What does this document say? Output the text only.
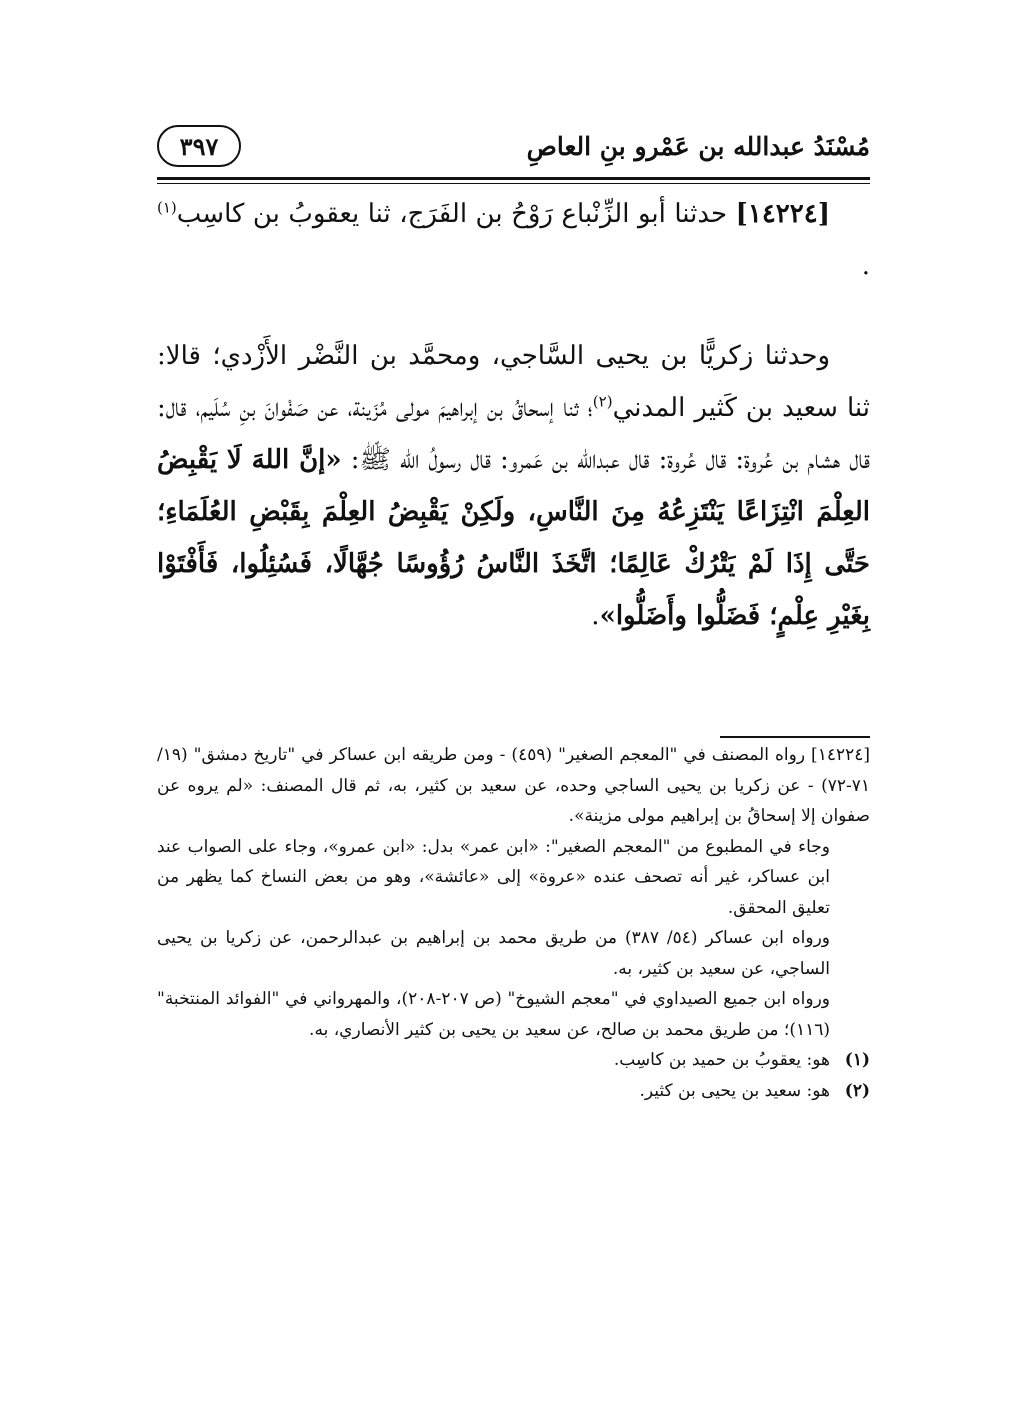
مُسْنَدُ عبدالله بن عَمْرو بنِ العاصِ
٣٩٧
[١٤٢٢٤] حدثنا أبو الزِّنْباع رَوْحُ بن الفَرَج، ثنا يعقوبُ بن كاسِب$^{(١)}$ .
وحدثنا زكريًّا بن يحيى السَّاجي، ومحمَّد بن النَّضْر الأَزْدي؛ قالا: ثنا سعيد بن كَثير المدني$^{(٢)}$؛ ثنا إسحاقُ بن إبراهيمَ مولى مُزَينة، عن صَفْوانَ بنِ سُلَيم، قال: قال هشام بن عُروة: قال عُروة: قال عبدالله بن عَمرو: قال رسولُ الله ﷺ: «إنَّ اللهَ لَا يَقْبِضُ العِلْمَ انْتِزَاعًا يَنْتَزِعُهُ مِنَ النَّاسِ، ولَكِنْ يَقْبِضُ العِلْمَ بِقَبْضِ العُلَمَاءِ؛ حَتَّى إِذَا لَمْ يَتْرُكْ عَالِمًا؛ اتَّخَذَ النَّاسُ رُؤُوسًا جُهَّالًا، فَسُئِلُوا، فَأَفْتَوْا بِغَيْرِ عِلْمٍ؛ فَضَلُّوا وأَضَلُّوا».

[١٤٢٢٤] رواه المصنف في "المعجم الصغير" (٤٥٩) - ومن طريقه ابن عساكر في "تاريخ دمشق" (١٩/ ٧١-٧٢) - عن زكريا بن يحيى الساجي وحده، عن سعيد بن كثير، به، ثم قال المصنف: «لم يروه عن صفوان إلا إسحاقُ بن إبراهيم مولى مزينة».

وجاء في المطبوع من "المعجم الصغير": «ابن عمر» بدل: «ابن عمرو»، وجاء على الصواب عند ابن عساكر، غير أنه تصحف عنده «عروة» إلى «عائشة»، وهو من بعض النساخ كما يظهر من تعليق المحقق.

ورواه ابن عساكر (٥٤/ ٣٨٧) من طريق محمد بن إبراهيم بن عبدالرحمن، عن زكريا بن يحيى الساجي، عن سعيد بن كثير، به.

ورواه ابن جميع الصيداوي في "معجم الشيوخ" (ص ٢٠٧-٢٠٨)، والمهرواني في "الفوائد المنتخبة" (١١٦)؛ من طريق محمد بن صالح، عن سعيد بن يحيى بن كثير الأنصاري، به.

(١)
هو: يعقوبُ بن حميد بن كاسِب.
(٢)
هو: سعيد بن يحيى بن كثير.
